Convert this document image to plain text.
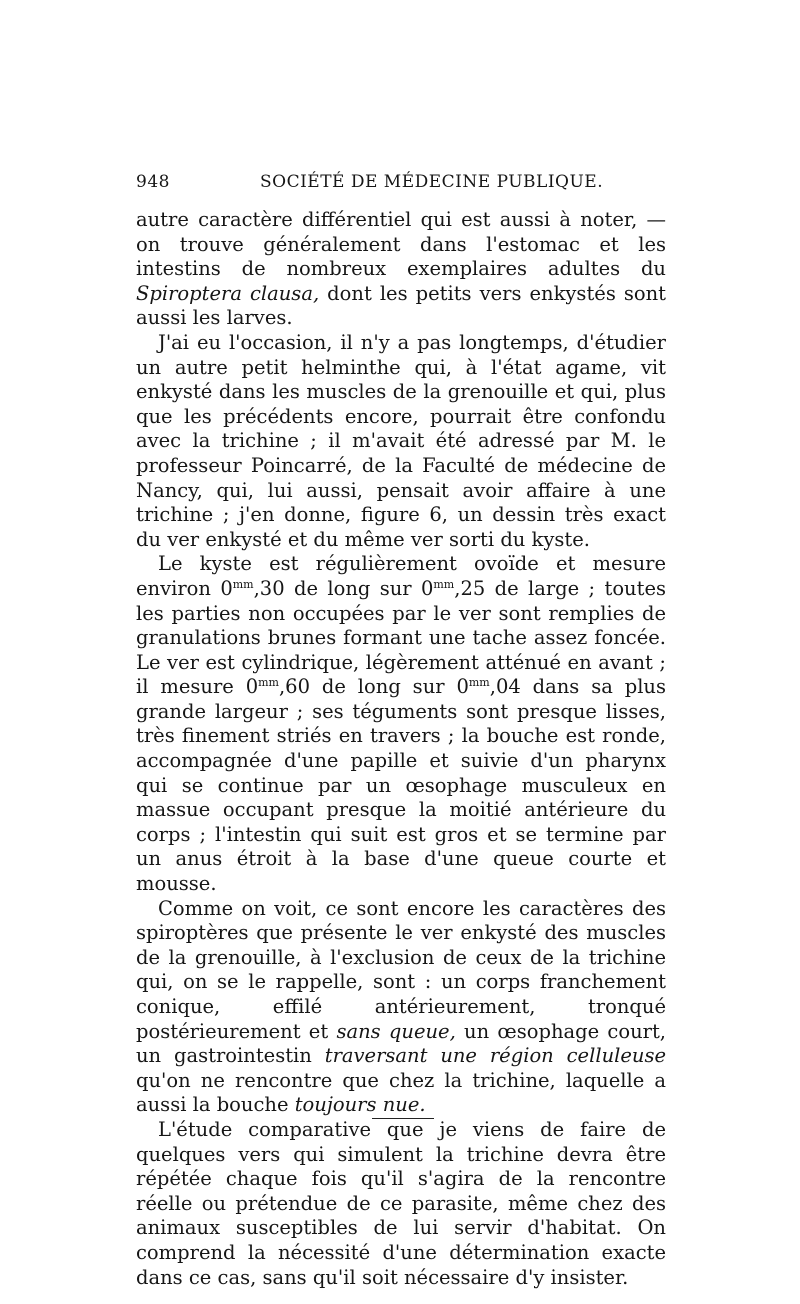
948	SOCIÉTÉ DE MÉDECINE PUBLIQUE.

autre caractère différentiel qui est aussi à noter, — on trouve généralement dans l'estomac et les intestins de nombreux exemplaires adultes du Spiroptera clausa, dont les petits vers enkystés sont aussi les larves.

J'ai eu l'occasion, il n'y a pas longtemps, d'étudier un autre petit helminthe qui, à l'état agame, vit enkysté dans les muscles de la grenouille et qui, plus que les précédents encore, pourrait être confondu avec la trichine ; il m'avait été adressé par M. le professeur Poincarré, de la Faculté de médecine de Nancy, qui, lui aussi, pensait avoir affaire à une trichine ; j'en donne, figure 6, un dessin très exact du ver enkysté et du même ver sorti du kyste.

Le kyste est régulièrement ovoïde et mesure environ $0^{mm},30$ de long sur $0^{mm},25$ de large ; toutes les parties non occupées par le ver sont remplies de granulations brunes formant une tache assez foncée. Le ver est cylindrique, légèrement atténué en avant ; il mesure $0^{mm},60$ de long sur $0^{mm},04$ dans sa plus grande largeur ; ses téguments sont presque lisses, très finement striés en travers ; la bouche est ronde, accompagnée d'une papille et suivie d'un pharynx qui se continue par un œsophage musculeux en massue occupant presque la moitié antérieure du corps ; l'intestin qui suit est gros et se termine par un anus étroit à la base d'une queue courte et mousse.

Comme on voit, ce sont encore les caractères des spiroptères que présente le ver enkysté des muscles de la grenouille, à l'exclusion de ceux de la trichine qui, on se le rappelle, sont : un corps franchement conique, effilé antérieurement, tronqué postérieurement et sans queue, un œsophage court, un gastrointestin traversant une région celluleuse qu'on ne rencontre que chez la trichine, laquelle a aussi la bouche toujours nue.

L'étude comparative que je viens de faire de quelques vers qui simulent la trichine devra être répétée chaque fois qu'il s'agira de la rencontre réelle ou prétendue de ce parasite, même chez des animaux susceptibles de lui servir d'habitat. On comprend la nécessité d'une détermination exacte dans ce cas, sans qu'il soit nécessaire d'y insister.
